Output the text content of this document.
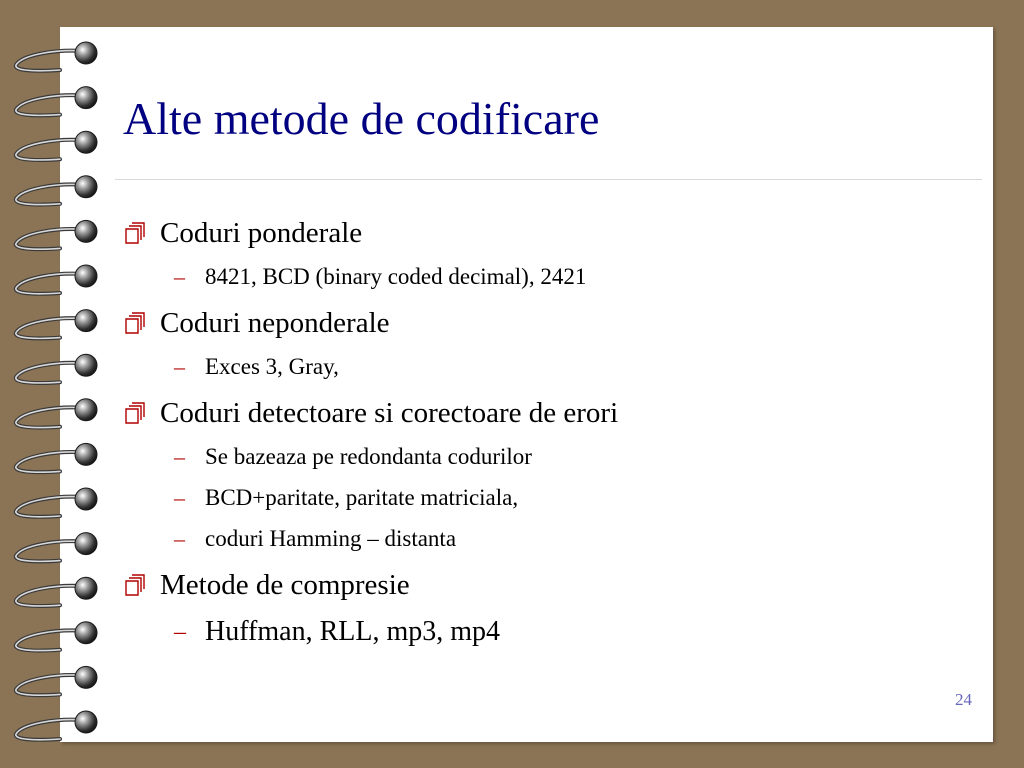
Alte metode de codificare
Coduri ponderale
– 8421, BCD (binary coded decimal), 2421
Coduri neponderale
– Exces 3, Gray,
Coduri detectoare si corectoare de erori
– Se bazeaza pe redondanta codurilor
– BCD+paritate, paritate matriciala,
– coduri Hamming – distanta
Metode de compresie
– Huffman, RLL, mp3, mp4
24
